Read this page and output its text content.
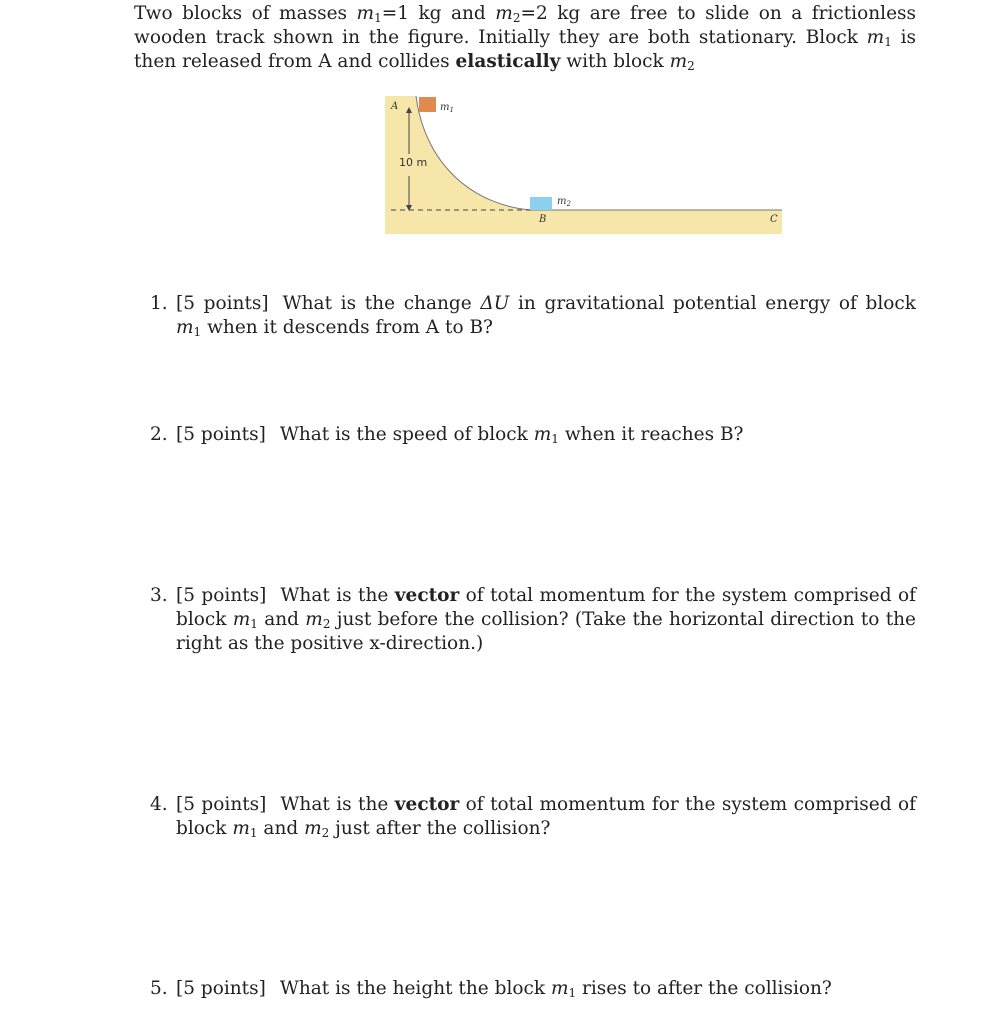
Two blocks of masses $m_1=1$ kg and $m_2=2$ kg are free to slide on a frictionless wooden track shown in the figure. Initially they are both stationary. Block $m_1$ is then released from A and collides elastically with block $m_2$

10 m
$m_1$
$m_2$
A
B	C
1. [5 points] What is the change ΔU in gravitational potential energy of block $m_1$ when it descends from A to B?
2. [5 points] What is the speed of block $m_1$ when it reaches B?
3. [5 points] What is the vector of total momentum for the system comprised of block $m_1$ and $m_2$ just before the collision? (Take the horizontal direction to the right as the positive x-direction.)
4. [5 points] What is the vector of total momentum for the system comprised of block $m_1$ and $m_2$ just after the collision?
5. [5 points] What is the height the block $m_1$ rises to after the collision?
